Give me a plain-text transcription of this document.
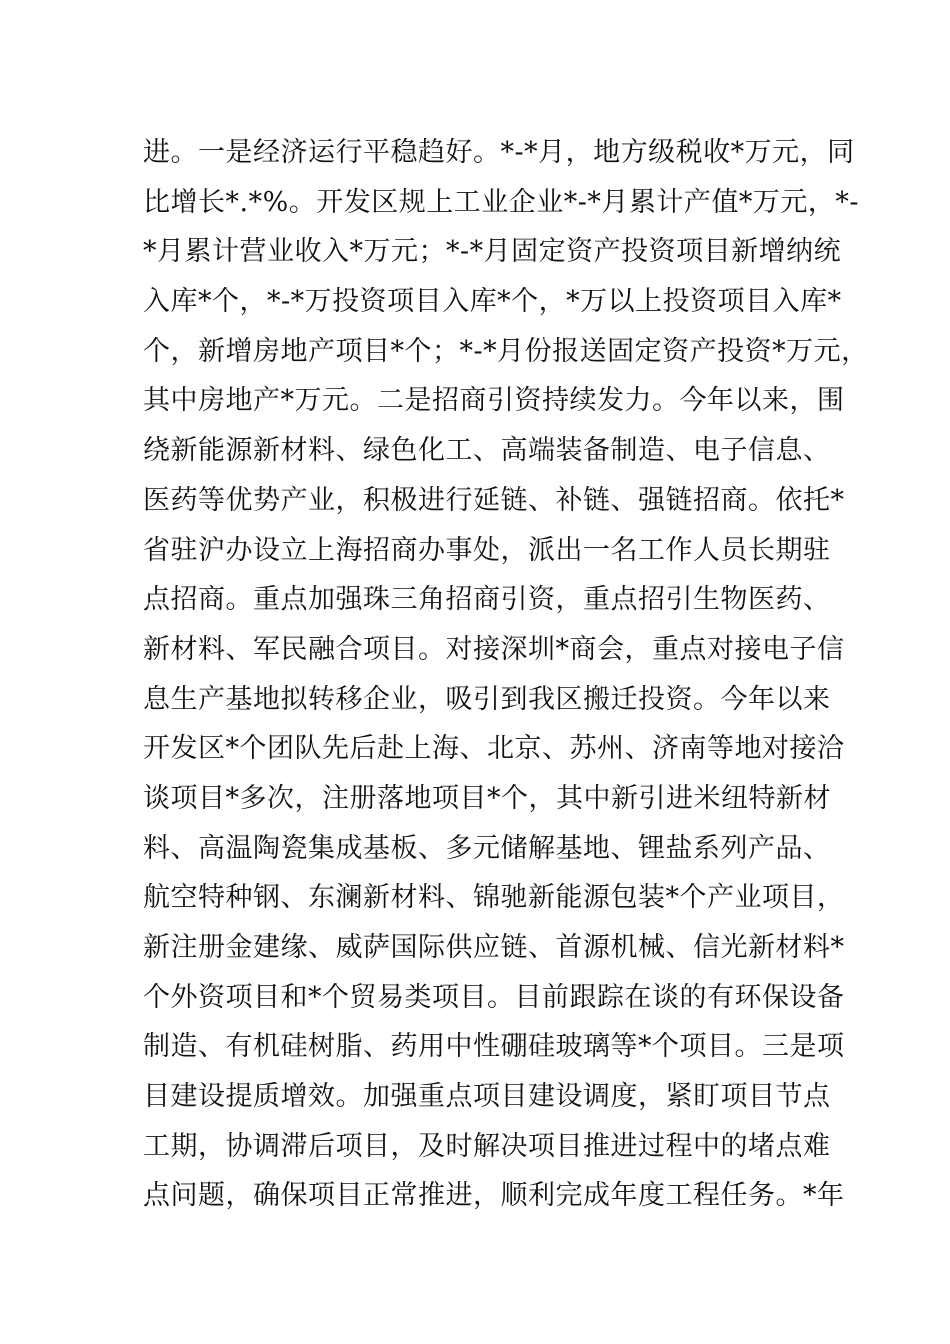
进。一是经济运行平稳趋好。*-*月，地方级税收*万元，同
比增长*.*%。开发区规上工业企业*-*月累计产值*万元，*-
*月累计营业收入*万元；*-*月固定资产投资项目新增纳统
入库*个，*-*万投资项目入库*个，*万以上投资项目入库*
个，新增房地产项目*个；*-*月份报送固定资产投资*万元，
其中房地产*万元。二是招商引资持续发力。今年以来，围
绕新能源新材料、绿色化工、高端装备制造、电子信息、
医药等优势产业，积极进行延链、补链、强链招商。依托*
省驻沪办设立上海招商办事处，派出一名工作人员长期驻
点招商。重点加强珠三角招商引资，重点招引生物医药、
新材料、军民融合项目。对接深圳*商会，重点对接电子信
息生产基地拟转移企业，吸引到我区搬迁投资。今年以来
开发区*个团队先后赴上海、北京、苏州、济南等地对接洽
谈项目*多次，注册落地项目*个，其中新引进米纽特新材
料、高温陶瓷集成基板、多元储解基地、锂盐系列产品、
航空特种钢、东澜新材料、锦驰新能源包装*个产业项目，
新注册金建缘、威萨国际供应链、首源机械、信光新材料*
个外资项目和*个贸易类项目。目前跟踪在谈的有环保设备
制造、有机硅树脂、药用中性硼硅玻璃等*个项目。三是项
目建设提质增效。加强重点项目建设调度，紧盯项目节点
工期，协调滞后项目，及时解决项目推进过程中的堵点难
点问题，确保项目正常推进，顺利完成年度工程任务。*年
